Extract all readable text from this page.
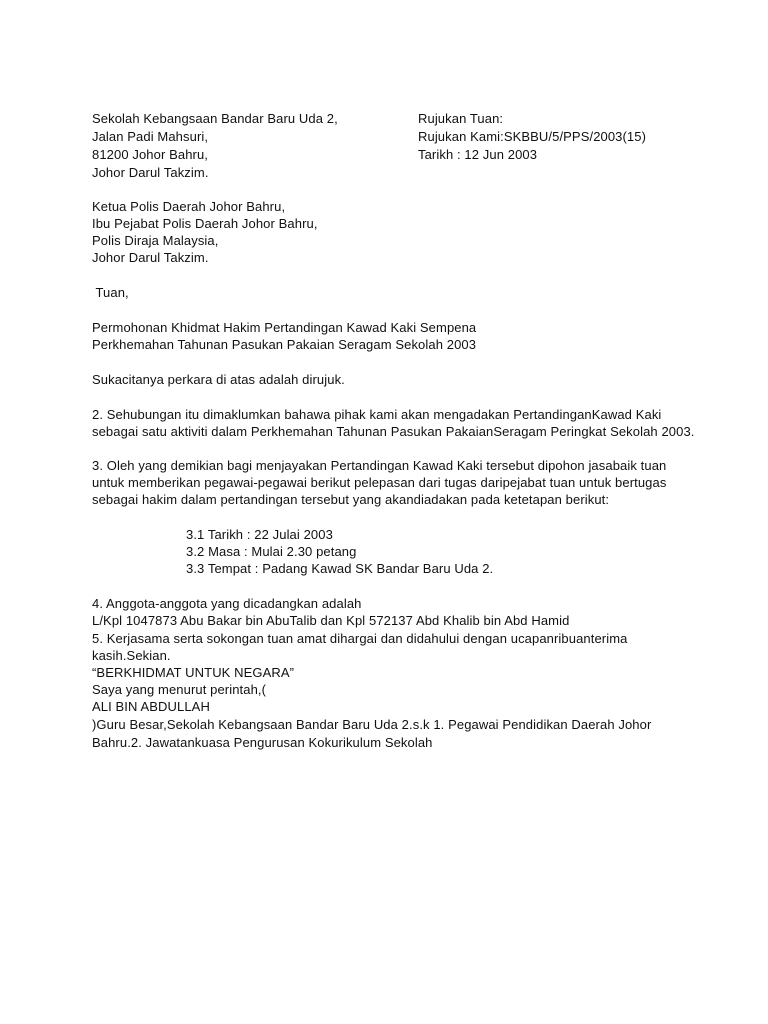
Sekolah Kebangsaan Bandar Baru Uda 2,
Jalan Padi Mahsuri,
81200 Johor Bahru,
Johor Darul Takzim.
Rujukan Tuan:
Rujukan Kami:SKBBU/5/PPS/2003(15)
Tarikh : 12 Jun 2003
Ketua Polis Daerah Johor Bahru,
Ibu Pejabat Polis Daerah Johor Bahru,
Polis Diraja Malaysia,
Johor Darul Takzim.
Tuan,
Permohonan Khidmat Hakim Pertandingan Kawad Kaki Sempena
Perkhemahan Tahunan Pasukan Pakaian Seragam Sekolah 2003
Sukacitanya perkara di atas adalah dirujuk.
2. Sehubungan itu dimaklumkan bahawa pihak kami akan mengadakan PertandinganKawad Kaki
sebagai satu aktiviti dalam Perkhemahan Tahunan Pasukan PakaianSeragam Peringkat Sekolah 2003.
3. Oleh yang demikian bagi menjayakan Pertandingan Kawad Kaki tersebut dipohon jasabaik tuan
untuk memberikan pegawai-pegawai berikut pelepasan dari tugas daripejabat tuan untuk bertugas
sebagai hakim dalam pertandingan tersebut yang akandiadakan pada ketetapan berikut:
3.1 Tarikh : 22 Julai 2003
3.2 Masa : Mulai 2.30 petang
3.3 Tempat : Padang Kawad SK Bandar Baru Uda 2.
4. Anggota-anggota yang dicadangkan adalah
L/Kpl 1047873 Abu Bakar bin AbuTalib dan Kpl 572137 Abd Khalib bin Abd Hamid
5. Kerjasama serta sokongan tuan amat dihargai dan didahului dengan ucapanribuanterima
kasih.Sekian.
“BERKHIDMAT UNTUK NEGARA”
Saya yang menurut perintah,(
ALI BIN ABDULLAH
)Guru Besar,Sekolah Kebangsaan Bandar Baru Uda 2.s.k 1. Pegawai Pendidikan Daerah Johor
Bahru.2. Jawatankuasa Pengurusan Kokurikulum Sekolah
